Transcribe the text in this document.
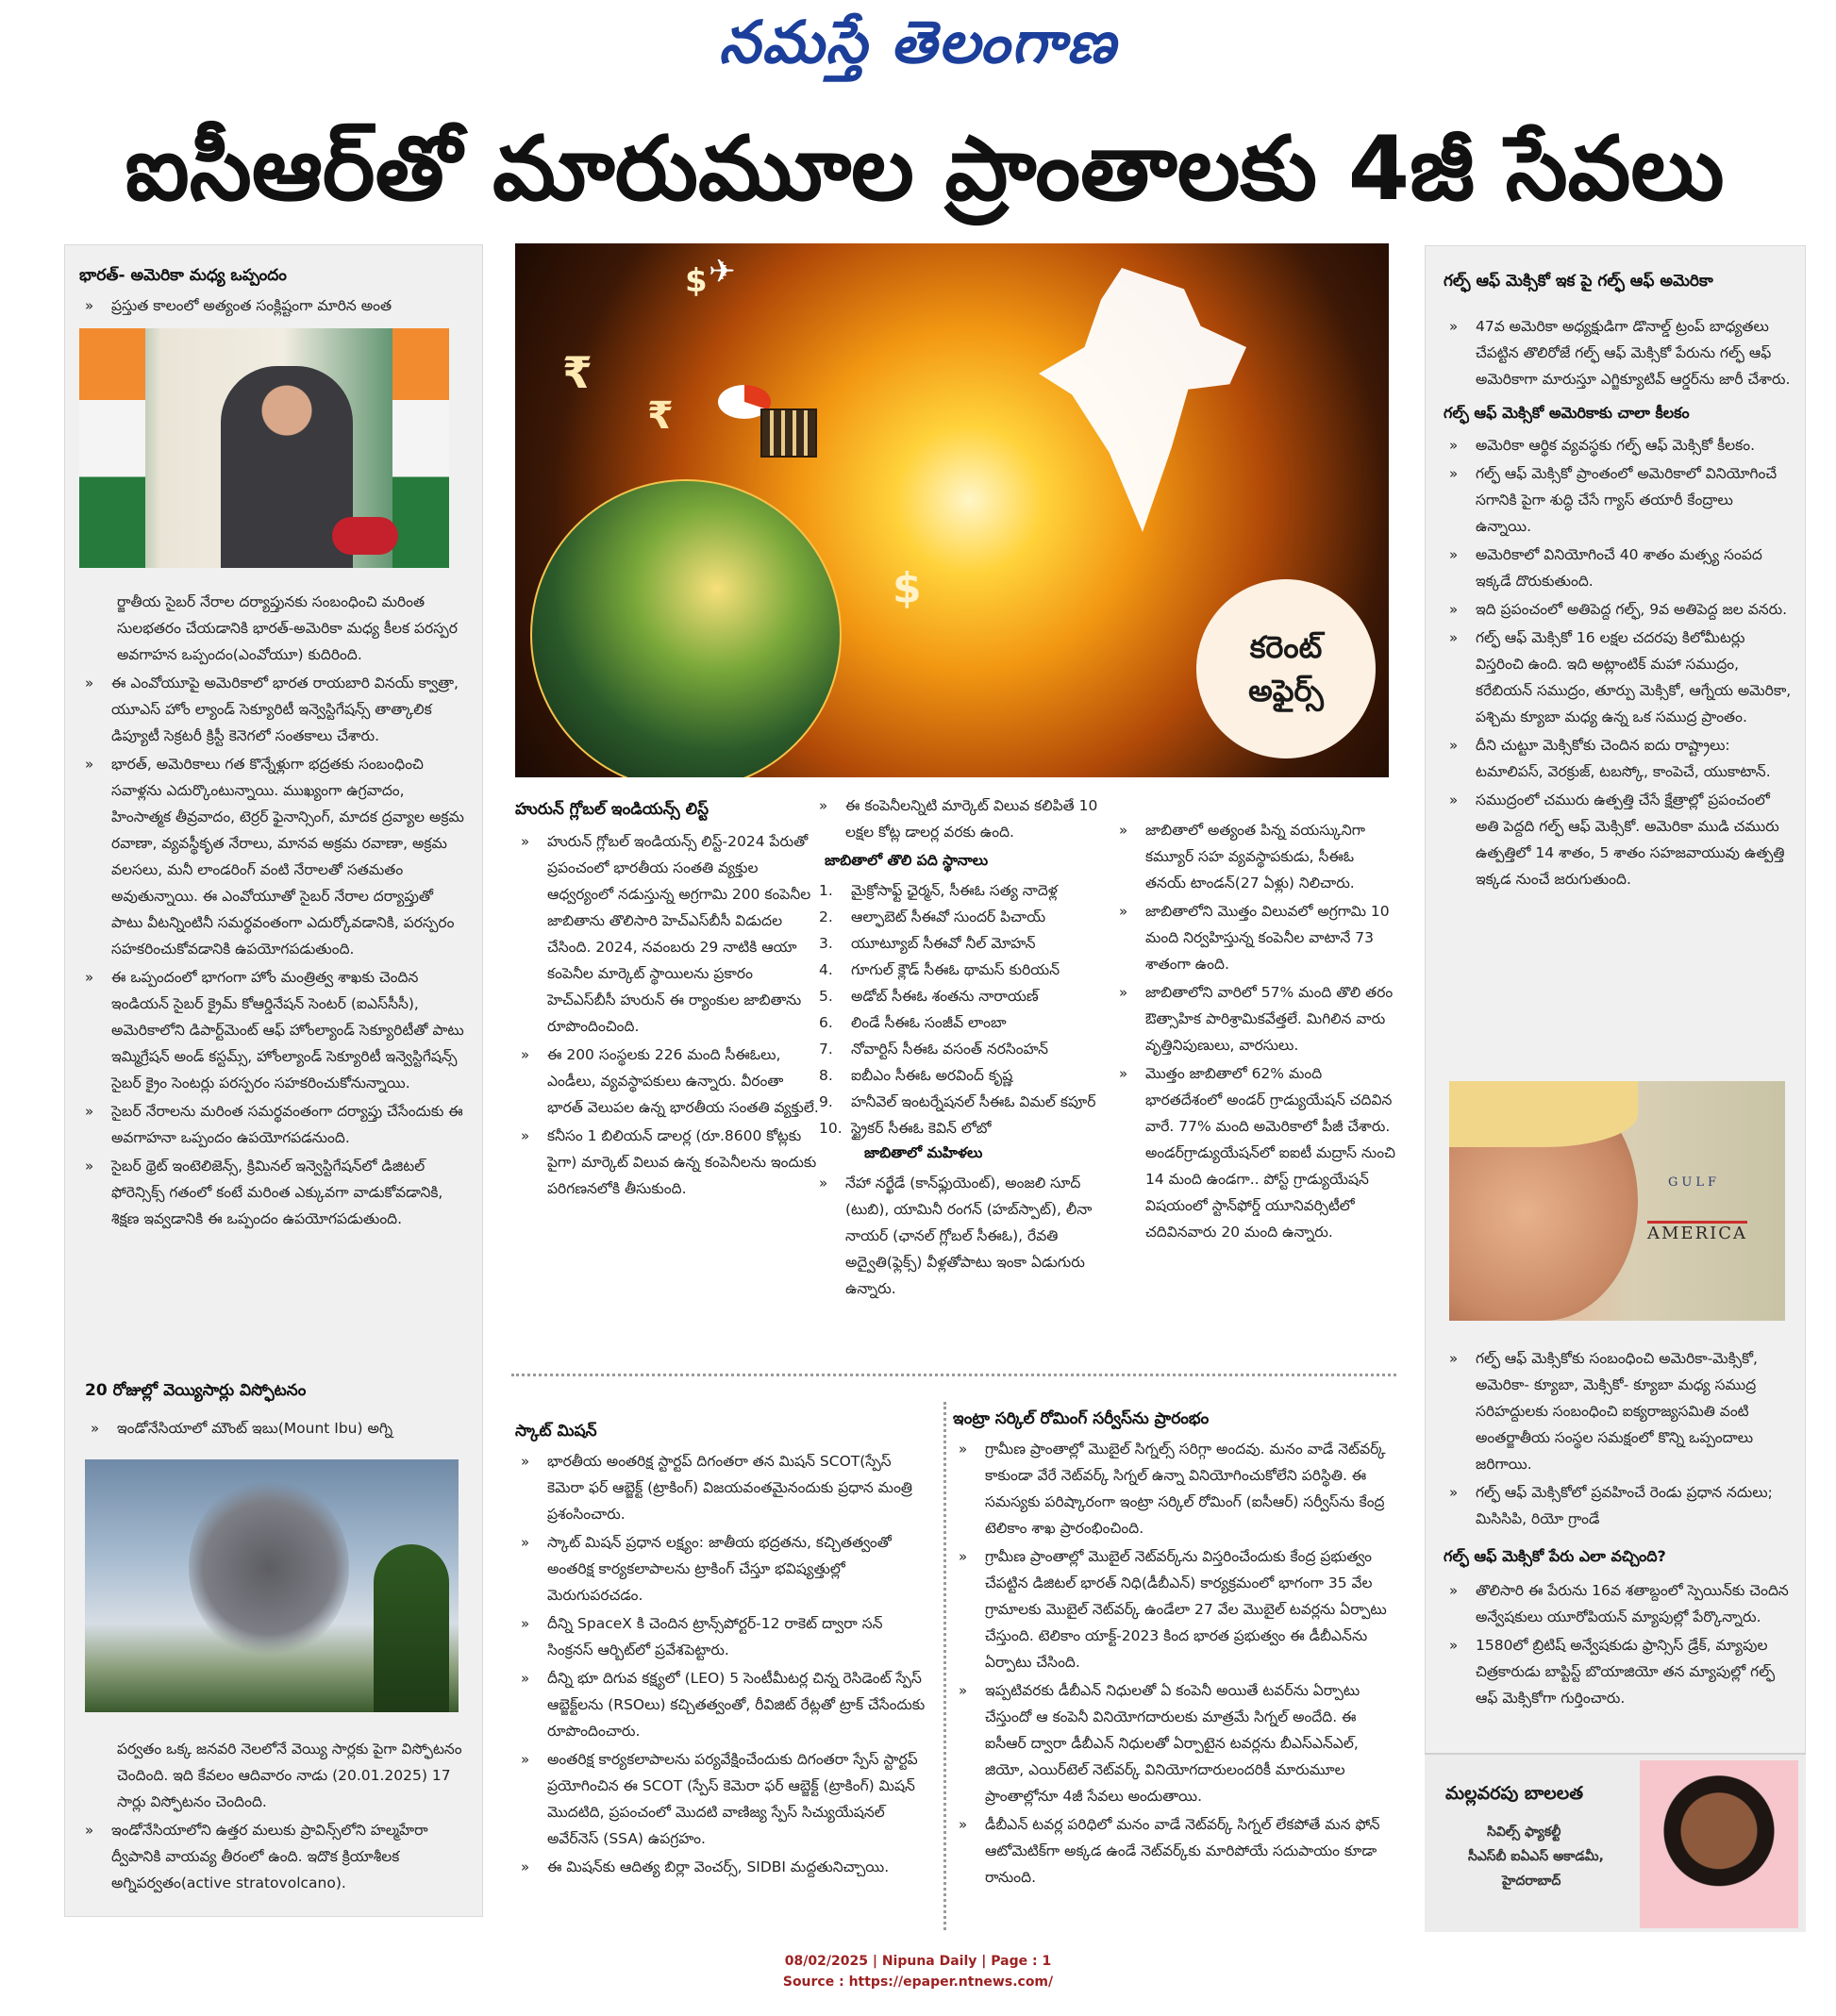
నమస్తే తెలంగాణ
ఐసీఆర్‌తో మారుమూల ప్రాంతాలకు 4జీ సేవలు
భారత్- అమెరికా మధ్య ఒప్పందం
» ప్రస్తుత కాలంలో అత్యంత సంక్లిష్టంగా మారిన అంత
ర్జాతీయ సైబర్ నేరాల దర్యాప్తునకు సంబంధించి మరింత సులభతరం చేయడానికి భారత్-అమెరికా మధ్య కీలక పరస్పర అవగాహన ఒప్పందం(ఎంవోయూ) కుదిరింది.
» ఈ ఎంవోయూపై అమెరికాలో భారత రాయబారి వినయ్ క్వాత్రా, యూఎస్ హోం ల్యాండ్ సెక్యూరిటీ ఇన్వెస్టిగేషన్స్ తాత్కాలిక డిప్యూటీ సెక్రటరీ క్రిస్టీ కెనెగలో సంతకాలు చేశారు.
» భారత్, అమెరికాలు గత కొన్నేళ్లుగా భద్రతకు సంబంధించి సవాళ్లను ఎదుర్కొంటున్నాయి. ముఖ్యంగా ఉగ్రవాదం, హింసాత్మక తీవ్రవాదం, టెర్రర్ ఫైనాన్సింగ్, మాదక ద్రవ్యాల అక్రమ రవాణా, వ్యవస్థీకృత నేరాలు, మానవ అక్రమ రవాణా, అక్రమ వలసలు, మనీ లాండరింగ్ వంటి నేరాలతో సతమతం అవుతున్నాయి. ఈ ఎంవోయూతో సైబర్ నేరాల దర్యాప్తుతో పాటు వీటన్నింటినీ సమర్థవంతంగా ఎదుర్కోవడానికి, పరస్పరం సహకరించుకోవడానికి ఉపయోగపడుతుంది.
» ఈ ఒప్పందంలో భాగంగా హోం మంత్రిత్వ శాఖకు చెందిన ఇండియన్ సైబర్ క్రైమ్ కోఆర్డినేషన్ సెంటర్ (ఐఎస్‌సీసీ), అమెరికాలోని డిపార్ట్‌మెంట్ ఆఫ్ హోంల్యాండ్ సెక్యూరిటీతో పాటు ఇమ్మిగ్రేషన్ అండ్ కస్టమ్స్, హోంల్యాండ్ సెక్యూరిటీ ఇన్వెస్టిగేషన్స్ సైబర్ క్రైం సెంటర్లు పరస్పరం సహకరించుకోనున్నాయి.
» సైబర్ నేరాలను మరింత సమర్థవంతంగా దర్యాప్తు చేసేందుకు ఈ అవగాహనా ఒప్పందం ఉపయోగపడనుంది.
» సైబర్ థ్రెట్ ఇంటెలిజెన్స్, క్రిమినల్ ఇన్వెస్టిగేషన్‌లో డిజిటల్ ఫోరెన్సిక్స్ గతంలో కంటే మరింత ఎక్కువగా వాడుకోవడానికి, శిక్షణ ఇవ్వడానికి ఈ ఒప్పందం ఉపయోగపడుతుంది.
20 రోజుల్లో వెయ్యిసార్లు విస్ఫోటనం
» ఇండోనేసియాలో మౌంట్ ఇబు(Mount Ibu) అగ్ని
పర్వతం ఒక్క జనవరి నెలలోనే వెయ్యి సార్లకు పైగా విస్ఫోటనం చెందింది. ఇది కేవలం ఆదివారం నాడు (20.01.2025) 17 సార్లు విస్ఫోటనం చెందింది.
» ఇండోనేసియాలోని ఉత్తర మలుకు ప్రావిన్స్‌లోని హల్మహేరా ద్వీపానికి వాయవ్య తీరంలో ఉంది. ఇదొక క్రియాశీలక అగ్నిపర్వతం(active stratovolcano).
₹
₹
$
$ ✈
కరెంట్
అఫైర్స్
హురున్ గ్లోబల్ ఇండియన్స్ లిస్ట్
» హురున్ గ్లోబల్ ఇండియన్స్ లిస్ట్-2024 పేరుతో ప్రపంచంలో భారతీయ సంతతి వ్యక్తుల ఆధ్వర్యంలో నడుస్తున్న అగ్రగామి 200 కంపెనీల జాబితాను తొలిసారి హెచ్‌ఎస్‌బీసీ విడుదల చేసింది. 2024, నవంబరు 29 నాటికి ఆయా కంపెనీల మార్కెట్ స్థాయిలను ప్రకారం హెచ్‌ఎస్‌బీసీ హురున్ ఈ ర్యాంకుల జాబితాను రూపొందించింది.
» ఈ 200 సంస్థలకు 226 మంది సీఈఓలు, ఎండీలు, వ్యవస్థాపకులు ఉన్నారు. వీరంతా భారత్ వెలుపల ఉన్న భారతీయ సంతతి వ్యక్తులే.
» కనీసం 1 బిలియన్ డాలర్ల (రూ.8600 కోట్లకు పైగా) మార్కెట్ విలువ ఉన్న కంపెనీలను ఇందుకు పరిగణనలోకి తీసుకుంది.
» ఈ కంపెనీలన్నిటి మార్కెట్ విలువ కలిపితే 10 లక్షల కోట్ల డాలర్ల వరకు ఉంది.
జాబితాలో తొలి పది స్థానాలు
1. మైక్రోసాఫ్ట్ ఛైర్మన్, సీఈఓ సత్య నాదెళ్ల
2. ఆల్ఫాబెట్ సీఈవో సుందర్ పిచాయ్
3. యూట్యూబ్ సీఈవో నీల్ మోహన్
4. గూగుల్ క్లౌడ్ సీఈఓ థామస్ కురియన్
5. అడోబ్ సీఈఓ శంతను నారాయణ్
6. లిండే సీఈఓ సంజీవ్ లాంబా
7. నోవార్టిస్ సీఈఓ వసంత్ నరసింహన్
8. ఐబీఎం సీఈఓ అరవింద్ కృష్ణ
9. హనీవెల్ ఇంటర్నేషనల్ సీఈఓ విమల్ కపూర్
10. స్ట్రైకర్ సీఈఓ కెవిన్ లోబో
జాబితాలో మహిళలు
» నేహా నర్ఖేడే (కాన్‌ఫ్లుయెంట్), అంజలి సూద్ (టుబి), యామినీ రంగన్ (హబ్‌స్పాట్), లీనా నాయర్ (ఛానల్ గ్లోబల్ సీఈఓ), రేవతి అద్వైతి(ఫ్లెక్స్) వీళ్లతోపాటు ఇంకా ఏడుగురు ఉన్నారు.
» జాబితాలో అత్యంత పిన్న వయస్కునిగా కమ్యూర్ సహ వ్యవస్థాపకుడు, సీఈఓ తనయ్ టాండన్(27 ఏళ్లు) నిలిచారు.
» జాబితాలోని మొత్తం విలువలో అగ్రగామి 10 మంది నిర్వహిస్తున్న కంపెనీల వాటానే 73 శాతంగా ఉంది.
» జాబితాలోని వారిలో 57% మంది తొలి తరం ఔత్సాహిక పారిశ్రామికవేత్తలే. మిగిలిన వారు వృత్తినిపుణులు, వారసులు.
» మొత్తం జాబితాలో 62% మంది భారతదేశంలో అండర్ గ్రాడ్యుయేషన్ చదివిన వారే. 77% మంది అమెరికాలో పీజీ చేశారు. అండర్‌గ్రాడ్యుయేషన్‌లో ఐఐటీ మద్రాస్ నుంచి 14 మంది ఉండగా.. పోస్ట్ గ్రాడ్యుయేషన్ విషయంలో స్టాన్‌ఫోర్డ్ యూనివర్సిటీలో చదివినవారు 20 మంది ఉన్నారు.
స్కాట్ మిషన్
» భారతీయ అంతరిక్ష స్టార్టప్ దిగంతరా తన మిషన్ SCOT(స్పేస్ కెమెరా ఫర్ ఆబ్జెక్ట్ (ట్రాకింగ్) విజయవంతమైనందుకు ప్రధాన మంత్రి ప్రశంసించారు.
» స్కాట్ మిషన్ ప్రధాన లక్ష్యం: జాతీయ భద్రతను, కచ్చితత్వంతో అంతరిక్ష కార్యకలాపాలను ట్రాకింగ్ చేస్తూ భవిష్యత్తుల్లో మెరుగుపరచడం.
» దీన్ని SpaceX కి చెందిన ట్రాన్స్‌పోర్టర్-12 రాకెట్ ద్వారా సన్ సింక్రనస్ ఆర్బిట్‌లో ప్రవేశపెట్టారు.
» దీన్ని భూ దిగువ కక్ష్యలో (LEO) 5 సెంటీమీటర్ల చిన్న రెసిడెంట్ స్పేస్ ఆబ్జెక్ట్‌లను (RSOలు) కచ్చితత్వంతో, రీవిజిట్ రేట్లతో ట్రాక్ చేసేందుకు రూపొందించారు.
» అంతరిక్ష కార్యకలాపాలను పర్యవేక్షించేందుకు దిగంతరా స్పేస్ స్టార్టప్ ప్రయోగించిన ఈ SCOT (స్పేస్ కెమెరా ఫర్ ఆబ్జెక్ట్ (ట్రాకింగ్) మిషన్ మొదటిది, ప్రపంచంలో మొదటి వాణిజ్య స్పేస్ సిచ్యుయేషనల్ అవేర్‌నెస్ (SSA) ఉపగ్రహం.
» ఈ మిషన్‌కు ఆదిత్య బిర్లా వెంచర్స్, SIDBI మద్దతునిచ్చాయి.
ఇంట్రా సర్కిల్ రోమింగ్ సర్వీస్‌ను ప్రారంభం
» గ్రామీణ ప్రాంతాల్లో మొబైల్ సిగ్నల్స్ సరిగ్గా అందవు. మనం వాడే నెట్‌వర్క్ కాకుండా వేరే నెట్‌వర్క్ సిగ్నల్ ఉన్నా వినియోగించుకోలేని పరిస్థితి. ఈ సమస్యకు పరిష్కారంగా ఇంట్రా సర్కిల్ రోమింగ్ (ఐసీఆర్) సర్వీస్‌ను కేంద్ర టెలికాం శాఖ ప్రారంభించింది.
» గ్రామీణ ప్రాంతాల్లో మొబైల్ నెట్‌వర్క్‌ను విస్తరించేందుకు కేంద్ర ప్రభుత్వం చేపట్టిన డిజిటల్ భారత్ నిధి(డీబీఎన్) కార్యక్రమంలో భాగంగా 35 వేల గ్రామాలకు మొబైల్ నెట్‌వర్క్ ఉండేలా 27 వేల మొబైల్ టవర్లను ఏర్పాటు చేస్తుంది. టెలికాం యాక్ట్-2023 కింద భారత ప్రభుత్వం ఈ డీబీఎన్‌ను ఏర్పాటు చేసింది.
» ఇప్పటివరకు డీబీఎన్ నిధులతో ఏ కంపెనీ అయితే టవర్‌ను ఏర్పాటు చేస్తుందో ఆ కంపెనీ వినియోగదారులకు మాత్రమే సిగ్నల్ అందేది. ఈ ఐసీఆర్ ద్వారా డీబీఎన్ నిధులతో ఏర్పాటైన టవర్లను బీఎస్‌ఎన్‌ఎల్, జియో, ఎయిర్‌టెల్ నెట్‌వర్క్ వినియోగదారులందరికీ మారుమూల ప్రాంతాల్లోనూ 4జీ సేవలు అందుతాయి.
» డీబీఎన్ టవర్ల పరిధిలో మనం వాడే నెట్‌వర్క్ సిగ్నల్ లేకపోతే మన ఫోన్ ఆటోమెటిక్‌గా అక్కడ ఉండే నెట్‌వర్క్‌కు మారిపోయే సదుపాయం కూడా రానుంది.
గల్ఫ్ ఆఫ్ మెక్సికో ఇక పై గల్ఫ్ ఆఫ్ అమెరికా
» 47వ అమెరికా అధ్యక్షుడిగా డొనాల్డ్ ట్రంప్ బాధ్యతలు చేపట్టిన తొలిరోజే గల్ఫ్ ఆఫ్ మెక్సికో పేరును గల్ఫ్ ఆఫ్ అమెరికాగా మారుస్తూ ఎగ్జిక్యూటివ్ ఆర్డర్‌ను జారీ చేశారు.
గల్ఫ్ ఆఫ్ మెక్సికో అమెరికాకు చాలా కీలకం
» అమెరికా ఆర్థిక వ్యవస్థకు గల్ఫ్ ఆఫ్ మెక్సికో కీలకం.
» గల్ఫ్ ఆఫ్ మెక్సికో ప్రాంతంలో అమెరికాలో వినియోగించే సగానికి పైగా శుద్ధి చేసే గ్యాస్ తయారీ కేంద్రాలు ఉన్నాయి.
» అమెరికాలో వినియోగించే 40 శాతం మత్స్య సంపద ఇక్కడే దొరుకుతుంది.
» ఇది ప్రపంచంలో అతిపెద్ద గల్ఫ్, 9వ అతిపెద్ద జల వనరు.
» గల్ఫ్ ఆఫ్ మెక్సికో 16 లక్షల చదరపు కిలోమీటర్లు విస్తరించి ఉంది. ఇది అట్లాంటిక్ మహా సముద్రం, కరేబియన్ సముద్రం, తూర్పు మెక్సికో, ఆగ్నేయ అమెరికా, పశ్చిమ క్యూబా మధ్య ఉన్న ఒక సముద్ర ప్రాంతం.
» దీని చుట్టూ మెక్సికోకు చెందిన ఐదు రాష్ట్రాలు: టమాలిపస్, వెరక్రుజ్, టబస్కో, కాంపెచే, యుకాటాన్.
» సముద్రంలో చమురు ఉత్పత్తి చేసే క్షేత్రాల్లో ప్రపంచంలో అతి పెద్దది గల్ఫ్ ఆఫ్ మెక్సికో. అమెరికా ముడి చమురు ఉత్పత్తిలో 14 శాతం, 5 శాతం సహజవాయువు ఉత్పత్తి ఇక్కడ నుంచే జరుగుతుంది.
GULF
AMERICA
» గల్ఫ్ ఆఫ్ మెక్సికోకు సంబంధించి అమెరికా-మెక్సికో, అమెరికా- క్యూబా, మెక్సికో- క్యూబా మధ్య సముద్ర సరిహద్దులకు సంబంధించి ఐక్యరాజ్యసమితి వంటి అంతర్జాతీయ సంస్థల సమక్షంలో కొన్ని ఒప్పందాలు జరిగాయి.
» గల్ఫ్ ఆఫ్ మెక్సికోలో ప్రవహించే రెండు ప్రధాన నదులు; మిసిసిపి, రియో గ్రాండే
గల్ఫ్ ఆఫ్ మెక్సికో పేరు ఎలా వచ్చింది?
» తొలిసారి ఈ పేరును 16వ శతాబ్దంలో స్పెయిన్‌కు చెందిన అన్వేషకులు యూరోపియన్ మ్యాపుల్లో పేర్కొన్నారు.
» 1580లో బ్రిటిష్ అన్వేషకుడు ఫ్రాన్సిస్ డ్రేక్, మ్యాపుల చిత్రకారుడు బాప్టిస్ట్ బొయాజియో తన మ్యాపుల్లో గల్ఫ్ ఆఫ్ మెక్సికోగా గుర్తించారు.
మల్లవరపు బాలలత
సివిల్స్ ఫ్యాకల్టీ
సీఎస్‌బీ ఐఏఎస్ అకాడమీ,
హైదరాబాద్
08/02/2025 | Nipuna Daily | Page : 1
Source : https://epaper.ntnews.com/
